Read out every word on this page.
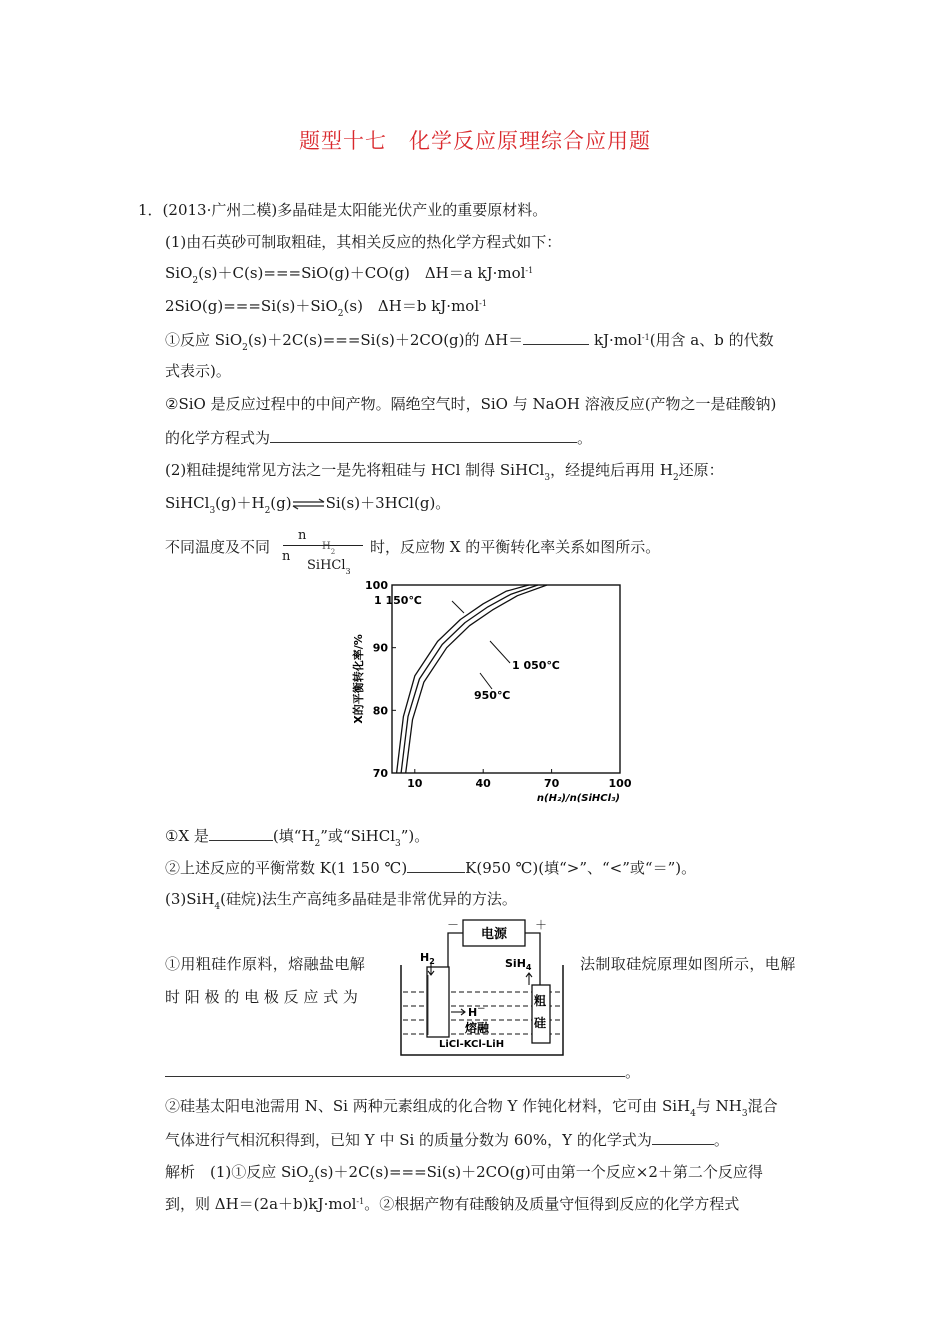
题型十七　化学反应原理综合应用题
1．(2013·广州二模)多晶硅是太阳能光伏产业的重要原材料。
(1)由石英砂可制取粗硅，其相关反应的热化学方程式如下：
SiO$_2$(s)＋C(s)===SiO(g)＋CO(g)　ΔH＝a kJ·mol$^{-1}$
2SiO(g)===Si(s)＋SiO$_2$(s)　ΔH＝b kJ·mol$^{-1}$
①反应 SiO$_2$(s)＋2C(s)===Si(s)＋2CO(g)的 ΔH＝	kJ·mol$^{-1}$(用含 a、b 的代数
式表示)。
②SiO 是反应过程中的中间产物。隔绝空气时，SiO 与 NaOH 溶液反应(产物之一是硅酸钠)
的化学方程式为	。
(2)粗硅提纯常见方法之一是先将粗硅与 HCl 制得 SiHCl$_3$，经提纯后再用 $H_2$还原：
$SiHCl_3(g)+H_2(g)\rightleftharpoons Si(s)+3HCl(g)$。
不同温度及不同
n
$H_2$
n
SiHCl$_3$
时，反应物 X 的平衡转化率关系如图所示。
70
80
90
100
10	40	70	100
n(H₂)/n(SiHCl₃)
X的平衡转化率/%
1 150℃
1 050℃
950℃
①X 是	(填“$H_2$”或“SiHCl$_3$”)。
②上述反应的平衡常数 K(1 150 ℃)	K(950 ℃)(填“>”、“<”或“＝”)。
(3)SiH$_4$(硅烷)法生产高纯多晶硅是非常优异的方法。
①用粗硅作原料，熔融盐电解	法制取硅烷原理如图所示，电解
时 阳 极 的 电 极 反 应 式 为
电源
－	＋
$H_2$
粗
硅
SiH$_4$
H－
熔融
LiCl-KCl-LiH
。
②硅基太阳电池需用 N、Si 两种元素组成的化合物 Y 作钝化材料，它可由 SiH$_4$与 $NH_3$混合
气体进行气相沉积得到，已知 Y 中 Si 的质量分数为 60%，Y 的化学式为	。
解析　(1)①反应 SiO$_2$(s)＋2C(s)===Si(s)＋2CO(g)可由第一个反应×2＋第二个反应得
到，则 ΔH＝(2a＋b)kJ·mol$^{-1}$。②根据产物有硅酸钠及质量守恒得到反应的化学方程式
